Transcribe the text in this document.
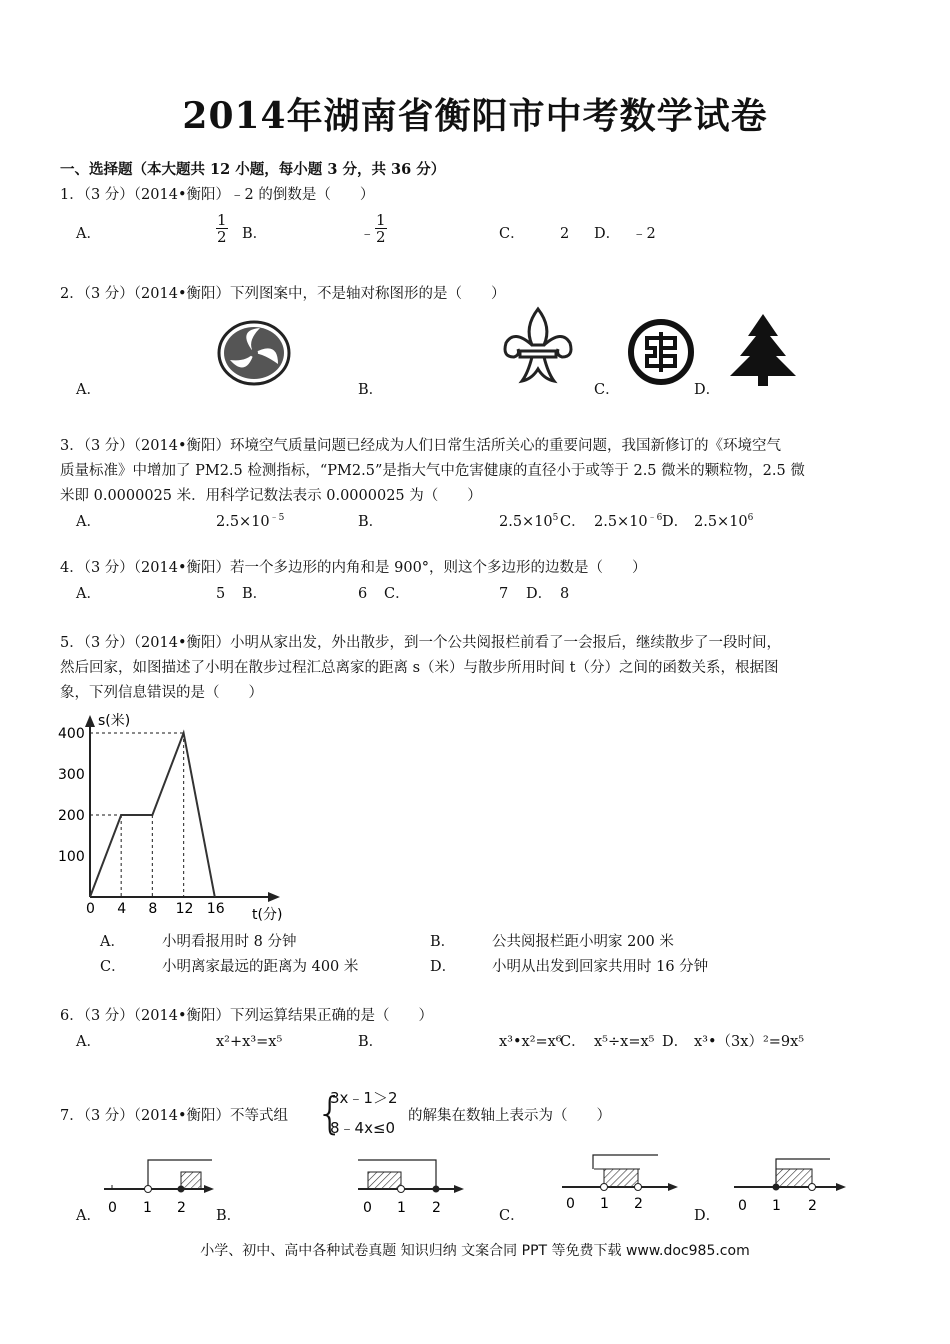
2014年湖南省衡阳市中考数学试卷
一、选择题（本大题共 12 小题，每小题 3 分，共 36 分）
1．（3 分）（2014•衡阳）﹣2 的倒数是（　　）
A．	$\frac{1}{2}$ B．	﹣ $\frac{1}{2}$	C． 2 D． ﹣2
2．（3 分）（2014•衡阳）下列图案中，不是轴对称图形的是（　　）
A．	B．	C．	D．
3．（3 分）（2014•衡阳）环境空气质量问题已经成为人们日常生活所关心的重要问题，我国新修订的《环境空气
质量标准》中增加了 PM2.5 检测指标，“PM2.5”是指大气中危害健康的直径小于或等于 2.5 微米的颗粒物，2.5 微
米即 0.0000025 米．用科学记数法表示 0.0000025 为（　　）
A．	$2.5\times 10^{﹣5}$	B．	$2.5\times 10^5$ C． $2.5\times 10^{﹣6}$ D． $2.5\times 10^6$
4．（3 分）（2014•衡阳）若一个多边形的内角和是 900°，则这个多边形的边数是（　　）
A．	5 B．	6 C．	7 D． 8
5．（3 分）（2014•衡阳）小明从家出发，外出散步，到一个公共阅报栏前看了一会报后，继续散步了一段时间，
然后回家，如图描述了小明在散步过程汇总离家的距离 s（米）与散步所用时间 t（分）之间的函数关系，根据图
象，下列信息错误的是（　　）
0 4 8 12 16
100
200
300
400
s(米)
t(分)
A．	小明看报用时 8 分钟	B．	公共阅报栏距小明家 200 米
C．	小明离家最远的距离为 400 米	D． 小明从出发到回家共用时 16 分钟
6．（3 分）（2014•衡阳）下列运算结果正确的是（　　）
A．	x²+x³=x⁵	B．	x³•x²=x⁶
C． x⁵÷x=x⁵ D． x³•（3x）²=9x⁵
7．（3 分）（2014•衡阳）不等式组 {
3x﹣1＞2
8﹣4x≤0
的解集在数轴上表示为（　　）
A．	B．	C．	D．
0 1 2	0 1 2	0 1 2	0 1 2
小学、初中、高中各种试卷真题 知识归纳 文案合同 PPT 等免费下载 www.doc985.com
